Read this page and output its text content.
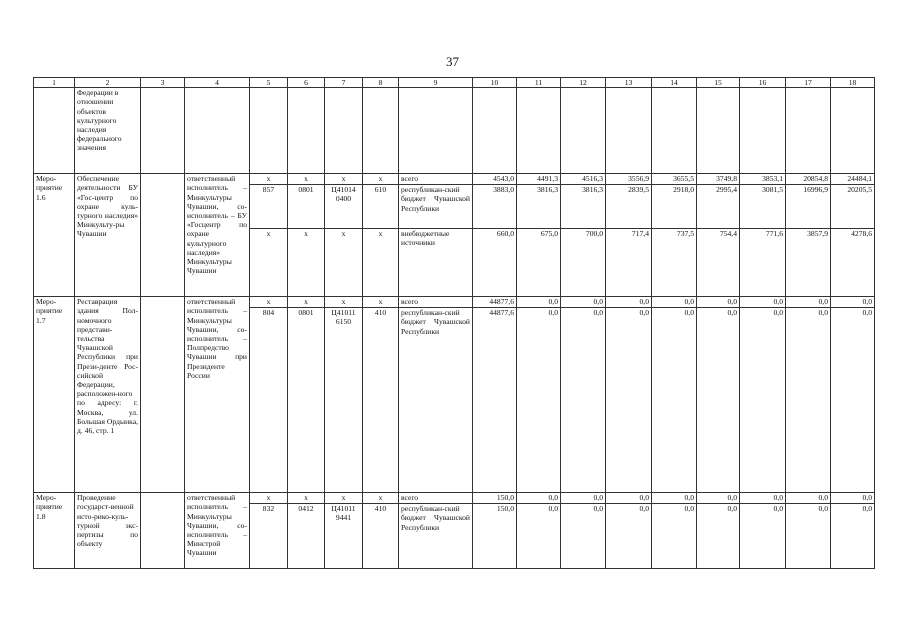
37
1	2	3	4	5	6	7	8	9	10	11	12	13	14	15	16	17	18
	Федерации в отношении объектов культурного наследия федерального значения																
Меро-приятие 1.6	Обеспечение деятельности БУ «Гос-центр по охране куль-турного наследия» Минкульту-ры Чувашии		ответственный исполнитель – Минкультуры Чувашии, со-исполнитель – БУ «Госцентр по охране культурного наследия» Минкультуры Чувашии	x	x	x	x	всего	4543,0	4491,3	4516,3	3556,9	3655,5	3749,8	3853,1	20854,8	24484,1
				857	0801	Ц41014 0400	610	республикан-ский бюджет Чувашской Республики	3883,0	3816,3	3816,3	2839,5	2918,0	2995,4	3081,5	16996,9	20205,5
				x	x	x	x	внебюджетные источники	660,0	675,0	700,0	717,4	737,5	754,4	771,6	3857,9	4278,6
Меро-приятие 1.7	Реставрация здания Пол-номочного представи-тельства Чувашской Республики при Прези-денте Рос-сийской Федерации, расположен-ного по адресу: г. Москва, ул. Большая Ордынка, д. 46, стр. 1		ответственный исполнитель – Минкультуры Чувашии, со-исполнитель – Полпредство Чувашии при Президенте России	x	x	x	x	всего	44877,6	0,0	0,0	0,0	0,0	0,0	0,0	0,0	0,0
				804	0801	Ц41011 6150	410	республикан-ский бюджет Чувашской Республики	44877,6	0,0	0,0	0,0	0,0	0,0	0,0	0,0	0,0
Меро-приятие 1.8	Проведение государст-венной исто-рико-куль-турной экс-пертизы по объекту		ответственный исполнитель – Минкультуры Чувашии, со-исполнитель – Минстрой Чувашии	x	x	x	x	всего	150,0	0,0	0,0	0,0	0,0	0,0	0,0	0,0	0,0
				832	0412	Ц41011 9441	410	республикан-ский бюджет Чувашской Республики	150,0	0,0	0,0	0,0	0,0	0,0	0,0	0,0	0,0
